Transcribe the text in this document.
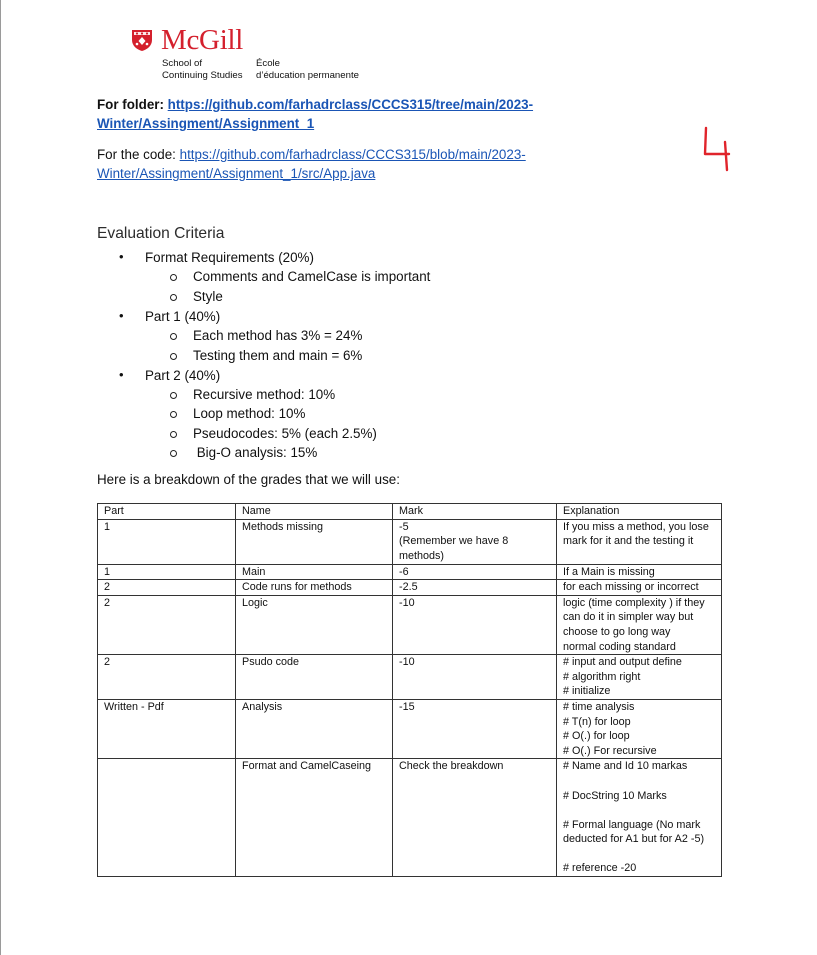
McGill
School of
Continuing Studies
École
d’éducation permanente
For folder: https://github.com/farhadrclass/CCCS315/tree/main/2023-
Winter/Assingment/Assignment_1
For the code: https://github.com/farhadrclass/CCCS315/blob/main/2023-
Winter/Assingment/Assignment_1/src/App.java
Evaluation Criteria
• Format Requirements (20%)
Comments and CamelCase is important
Style
• Part 1 (40%)
Each method has 3% = 24%
Testing them and main = 6%
• Part 2 (40%)
Recursive method: 10%
Loop method: 10%
Pseudocodes: 5% (each 2.5%)
Big-O analysis: 15%
Here is a breakdown of the grades that we will use:
Part	Name	Mark	Explanation
1	Methods missing	-5
(Remember we have 8
methods)	If you miss a method, you lose
mark for it and the testing it

1	Main	-6	If a Main is missing

2	Code runs for methods	-2.5	for each missing or incorrect

2	Logic	-10	logic (time complexity ) if they
can do it in simpler way but
choose to go long way
normal coding standard

2	Psudo code	-10	# input and output define
# algorithm right
# initialize

Written - Pdf	Analysis	-15	# time analysis
# T(n) for loop
# O(.) for loop
# O(.) For recursive

	Format and CamelCaseing	Check the breakdown	# Name and Id 10 markas
# DocString 10 Marks
# Formal language (No mark
deducted for A1 but for A2 -5)
# reference -20
